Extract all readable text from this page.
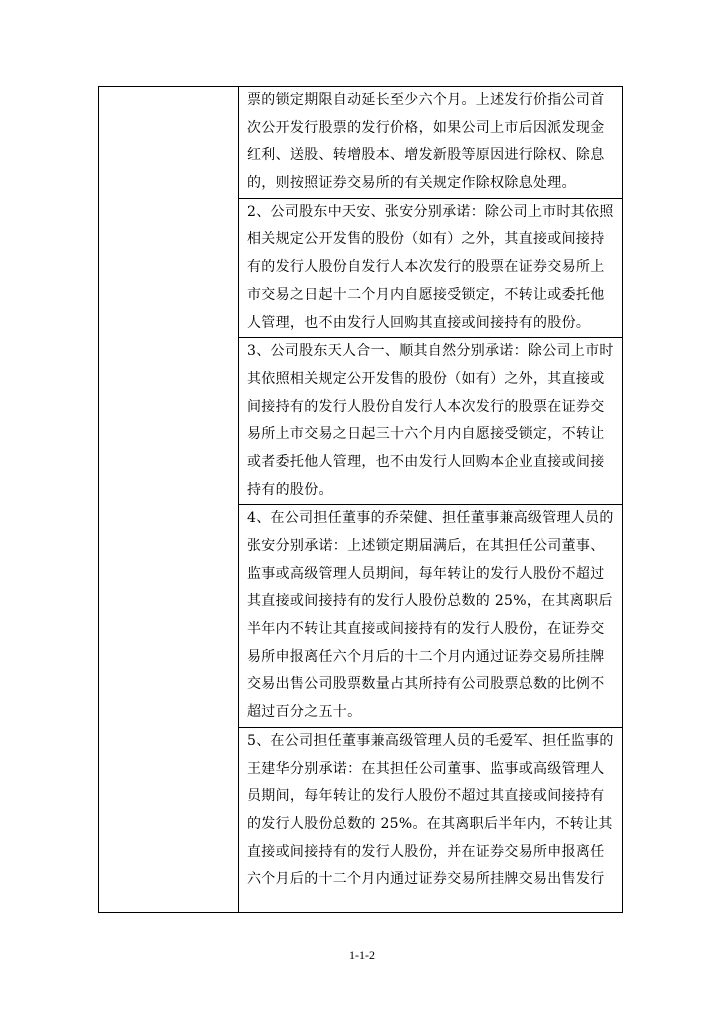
票的锁定期限自动延长至少六个月。上述发行价指公司首
次公开发行股票的发行价格，如果公司上市后因派发现金
红利、送股、转增股本、增发新股等原因进行除权、除息
的，则按照证券交易所的有关规定作除权除息处理。
2、公司股东中天安、张安分别承诺：除公司上市时其依照
相关规定公开发售的股份（如有）之外，其直接或间接持
有的发行人股份自发行人本次发行的股票在证券交易所上
市交易之日起十二个月内自愿接受锁定，不转让或委托他
人管理，也不由发行人回购其直接或间接持有的股份。
3、公司股东天人合一、顺其自然分别承诺：除公司上市时
其依照相关规定公开发售的股份（如有）之外，其直接或
间接持有的发行人股份自发行人本次发行的股票在证券交
易所上市交易之日起三十六个月内自愿接受锁定，不转让
或者委托他人管理，也不由发行人回购本企业直接或间接
持有的股份。
4、在公司担任董事的乔荣健、担任董事兼高级管理人员的
张安分别承诺：上述锁定期届满后，在其担任公司董事、
监事或高级管理人员期间，每年转让的发行人股份不超过
其直接或间接持有的发行人股份总数的 25%，在其离职后
半年内不转让其直接或间接持有的发行人股份，在证券交
易所申报离任六个月后的十二个月内通过证券交易所挂牌
交易出售公司股票数量占其所持有公司股票总数的比例不
超过百分之五十。
5、在公司担任董事兼高级管理人员的毛爱军、担任监事的
王建华分别承诺：在其担任公司董事、监事或高级管理人
员期间，每年转让的发行人股份不超过其直接或间接持有
的发行人股份总数的 25%。在其离职后半年内，不转让其
直接或间接持有的发行人股份，并在证券交易所申报离任
六个月后的十二个月内通过证券交易所挂牌交易出售发行
1-1-2
